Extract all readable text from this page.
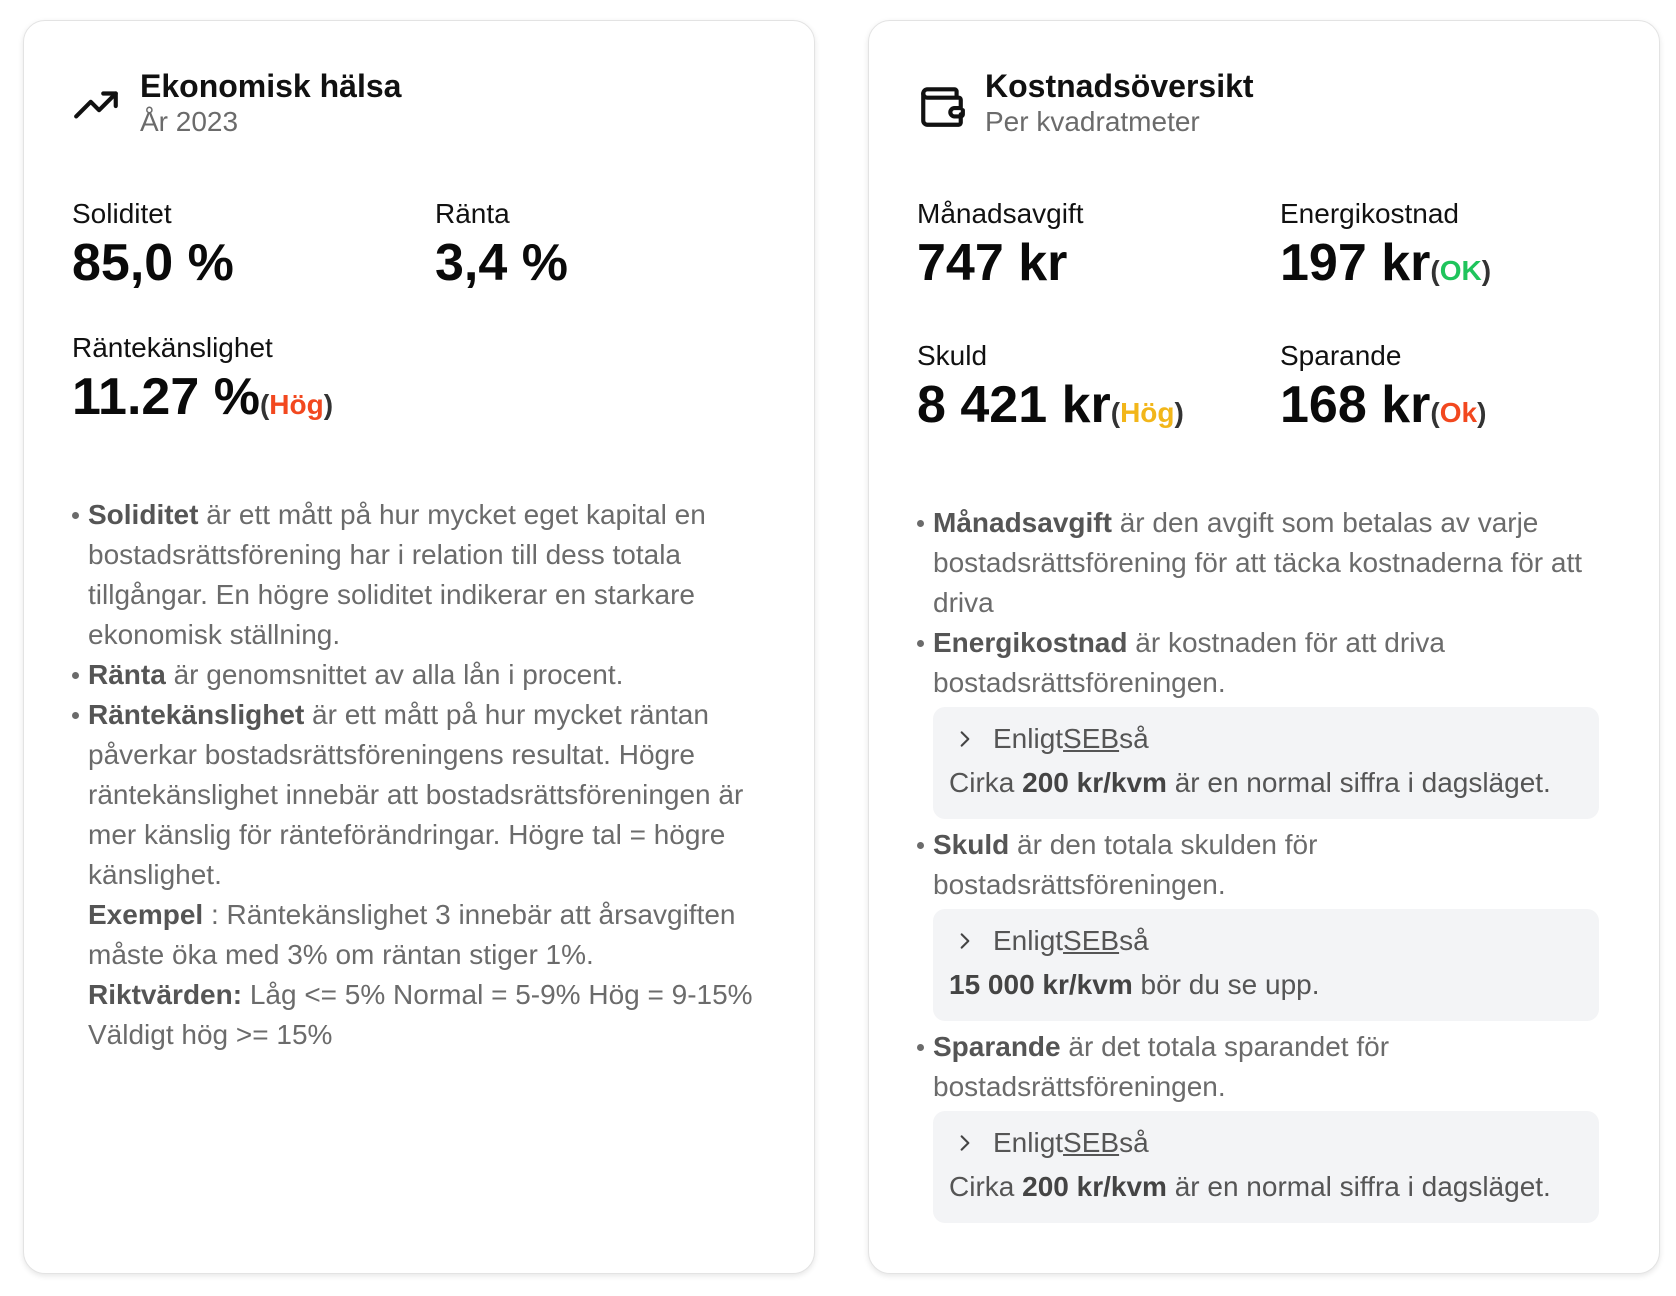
Ekonomisk hälsa
År 2023
Soliditet
85,0 %
Ränta
3,4 %
Räntekänslighet
11.27 %(Hög)
Soliditet är ett mått på hur mycket eget kapital en bostadsrättsförening har i relation till dess totala tillgångar. En högre soliditet indikerar en starkare ekonomisk ställning.
Ränta är genomsnittet av alla lån i procent.
Räntekänslighet är ett mått på hur mycket räntan påverkar bostadsrättsföreningens resultat. Högre räntekänslighet innebär att bostadsrättsföreningen är mer känslig för ränteförändringar. Högre tal = högre känslighet.
Exempel : Räntekänslighet 3 innebär att årsavgiften måste öka med 3% om räntan stiger 1%.
Riktvärden: Låg <= 5% Normal = 5-9% Hög = 9-15% Väldigt hög >= 15%
Kostnadsöversikt
Per kvadratmeter
Månadsavgift
747 kr
Energikostnad
197 kr(OK)
Skuld
8 421 kr(Hög)
Sparande
168 kr(Ok)
Månadsavgift är den avgift som betalas av varje bostadsrättsförening för att täcka kostnaderna för att driva
Energikostnad är kostnaden för att driva bostadsrättsföreningen.
Enligt SEB så
Cirka 200 kr/kvm är en normal siffra i dagsläget.
Skuld är den totala skulden för bostadsrättsföreningen.
Enligt SEB så
15 000 kr/kvm bör du se upp.
Sparande är det totala sparandet för bostadsrättsföreningen.
Enligt SEB så
Cirka 200 kr/kvm är en normal siffra i dagsläget.
